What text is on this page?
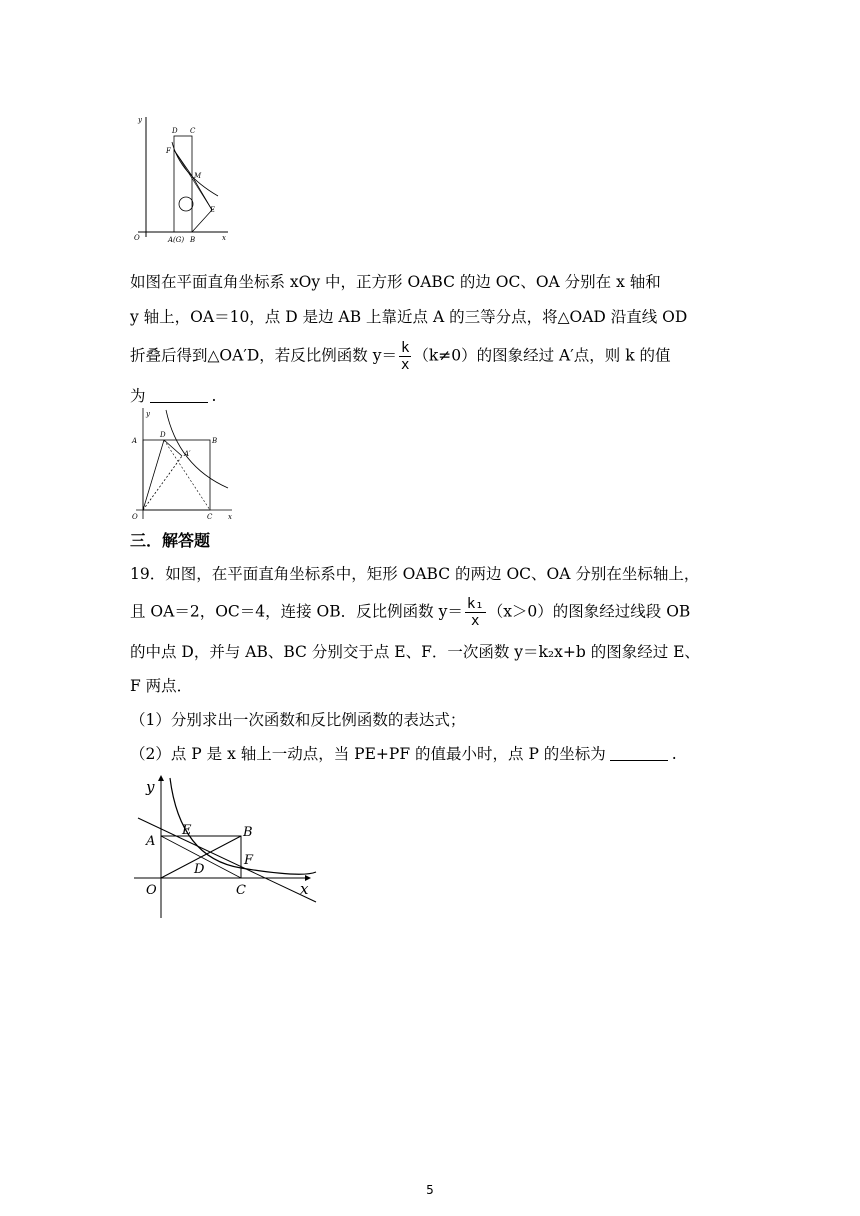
y
D C
F
M
E
O	A(G) B	x
如图在平面直角坐标系 xOy 中，正方形 OABC 的边 OC、OA 分别在 x 轴和
y 轴上，OA＝10，点 D 是边 AB 上靠近点 A 的三等分点，将△OAD 沿直线 OD
折叠后得到△OA′D，若反比例函数 $y= \frac{k}{x} (k\ne 0)$的图象经过 A′点，则 k 的值
为	.
y
A
D
B
A′
O	C x
三．解答题
19．如图，在平面直角坐标系中，矩形 OABC 的两边 OC、OA 分别在坐标轴上，
且 OA＝2，OC＝4，连接 OB．反比例函数 $y= \frac{\text{k₁}}{x} (x>0)$的图象经过线段 OB
的中点 D，并与 AB、BC 分别交于点 E、F．一次函数 y＝k₂x+b 的图象经过 E、
F 两点．
（1）分别求出一次函数和反比例函数的表达式；
（2）点 P 是 x 轴上一动点，当 PE+PF 的值最小时，点 P 的坐标为	.
y
A
E	B
F
D
O	C	x
5
